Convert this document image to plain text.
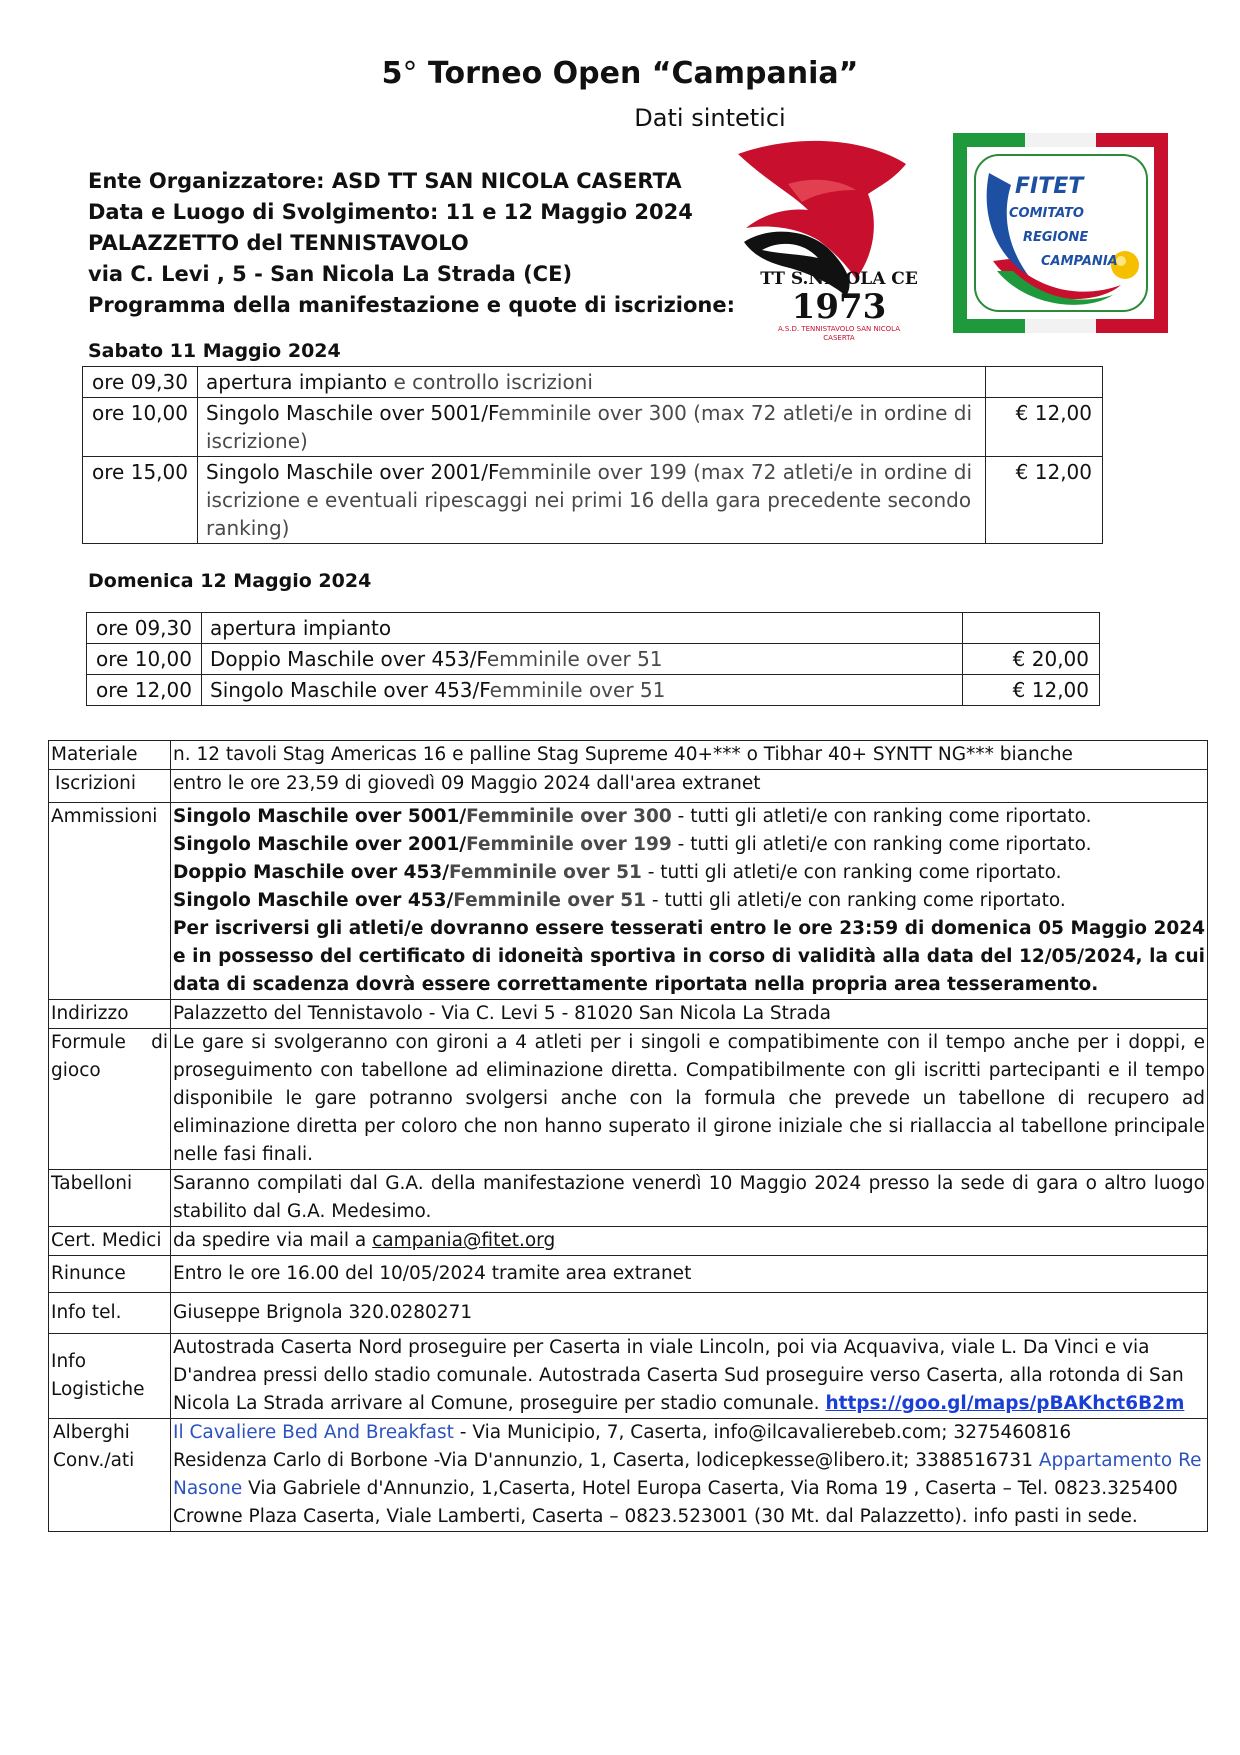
5° Torneo Open “Campania”
Dati sintetici
Ente Organizzatore: ASD TT SAN NICOLA CASERTA
Data e Luogo di Svolgimento: 11 e 12 Maggio 2024
PALAZZETTO del TENNISTAVOLO
via C. Levi , 5 - San Nicola La Strada (CE)
Programma della manifestazione e quote di iscrizione:
TT S.NICOLA CE
1973
A.S.D. TENNISTAVOLO SAN NICOLA
CASERTA
FITET
COMITATO
REGIONE
CAMPANIA
Sabato 11 Maggio 2024
ore 09,30	apertura impianto e controllo iscrizioni	
ore 10,00	Singolo Maschile over 5001/Femminile over 300 (max 72 atleti/e in ordine di iscrizione)	€ 12,00
ore 15,00	Singolo Maschile over 2001/Femminile over 199 (max 72 atleti/e in ordine di iscrizione e eventuali ripescaggi nei primi 16 della gara precedente secondo ranking)	€ 12,00
Domenica 12 Maggio 2024
ore 09,30	apertura impianto	
ore 10,00	Doppio Maschile over 453/Femminile over 51	€ 20,00
ore 12,00	Singolo Maschile over 453/Femminile over 51	€ 12,00
Materiale	n. 12 tavoli Stag Americas 16 e palline Stag Supreme 40+*** o Tibhar 40+ SYNTT NG*** bianche
Iscrizioni	entro le ore 23,59 di giovedì 09 Maggio 2024 dall'area extranet
Ammissioni	Singolo Maschile over 5001/Femminile over 300 - tutti gli atleti/e con ranking come riportato.
Singolo Maschile over 2001/Femminile over 199 - tutti gli atleti/e con ranking come riportato.
Doppio Maschile over 453/Femminile over 51 - tutti gli atleti/e con ranking come riportato.
Singolo Maschile over 453/Femminile over 51 - tutti gli atleti/e con ranking come riportato.
Per iscriversi gli atleti/e dovranno essere tesserati entro le ore 23:59 di domenica 05 Maggio 2024 e in possesso del certificato di idoneità sportiva in corso di validità alla data del 12/05/2024, la cui data di scadenza dovrà essere correttamente riportata nella propria area tesseramento.

Indirizzo	Palazzetto del Tennistavolo - Via C. Levi 5 - 81020 San Nicola La Strada
Formule di gioco	Le gare si svolgeranno con gironi a 4 atleti per i singoli e compatibimente con il tempo anche per i doppi, e proseguimento con tabellone ad eliminazione diretta. Compatibilmente con gli iscritti partecipanti e il tempo disponibile le gare potranno svolgersi anche con la formula che prevede un tabellone di recupero ad eliminazione diretta per coloro che non hanno superato il girone iniziale che si riallaccia al tabellone principale nelle fasi finali.
Tabelloni	Saranno compilati dal G.A. della manifestazione venerdì 10 Maggio 2024 presso la sede di gara o altro luogo stabilito dal G.A. Medesimo.
Cert. Medici	da spedire via mail a campania@fitet.org
Rinunce	Entro le ore 16.00 del 10/05/2024 tramite area extranet
Info tel.	Giuseppe Brignola 320.0280271
Info Logistiche	Autostrada Caserta Nord proseguire per Caserta in viale Lincoln, poi via Acquaviva, viale L. Da Vinci e via D'andrea pressi dello stadio comunale. Autostrada Caserta Sud proseguire verso Caserta, alla rotonda di San Nicola La Strada arrivare al Comune, proseguire per stadio comunale. https://goo.gl/maps/pBAKhct6B2m
Alberghi Conv./ati	Il Cavaliere Bed And Breakfast - Via Municipio, 7, Caserta, info@ilcavalierebeb.com; 3275460816
Residenza Carlo di Borbone -Via D'annunzio, 1, Caserta, lodicepkesse@libero.it; 3388516731 Appartamento Re Nasone Via Gabriele d'Annunzio, 1,Caserta, Hotel Europa Caserta, Via Roma 19 , Caserta – Tel. 0823.325400
Crowne Plaza Caserta, Viale Lamberti, Caserta – 0823.523001 (30 Mt. dal Palazzetto). info pasti in sede.
